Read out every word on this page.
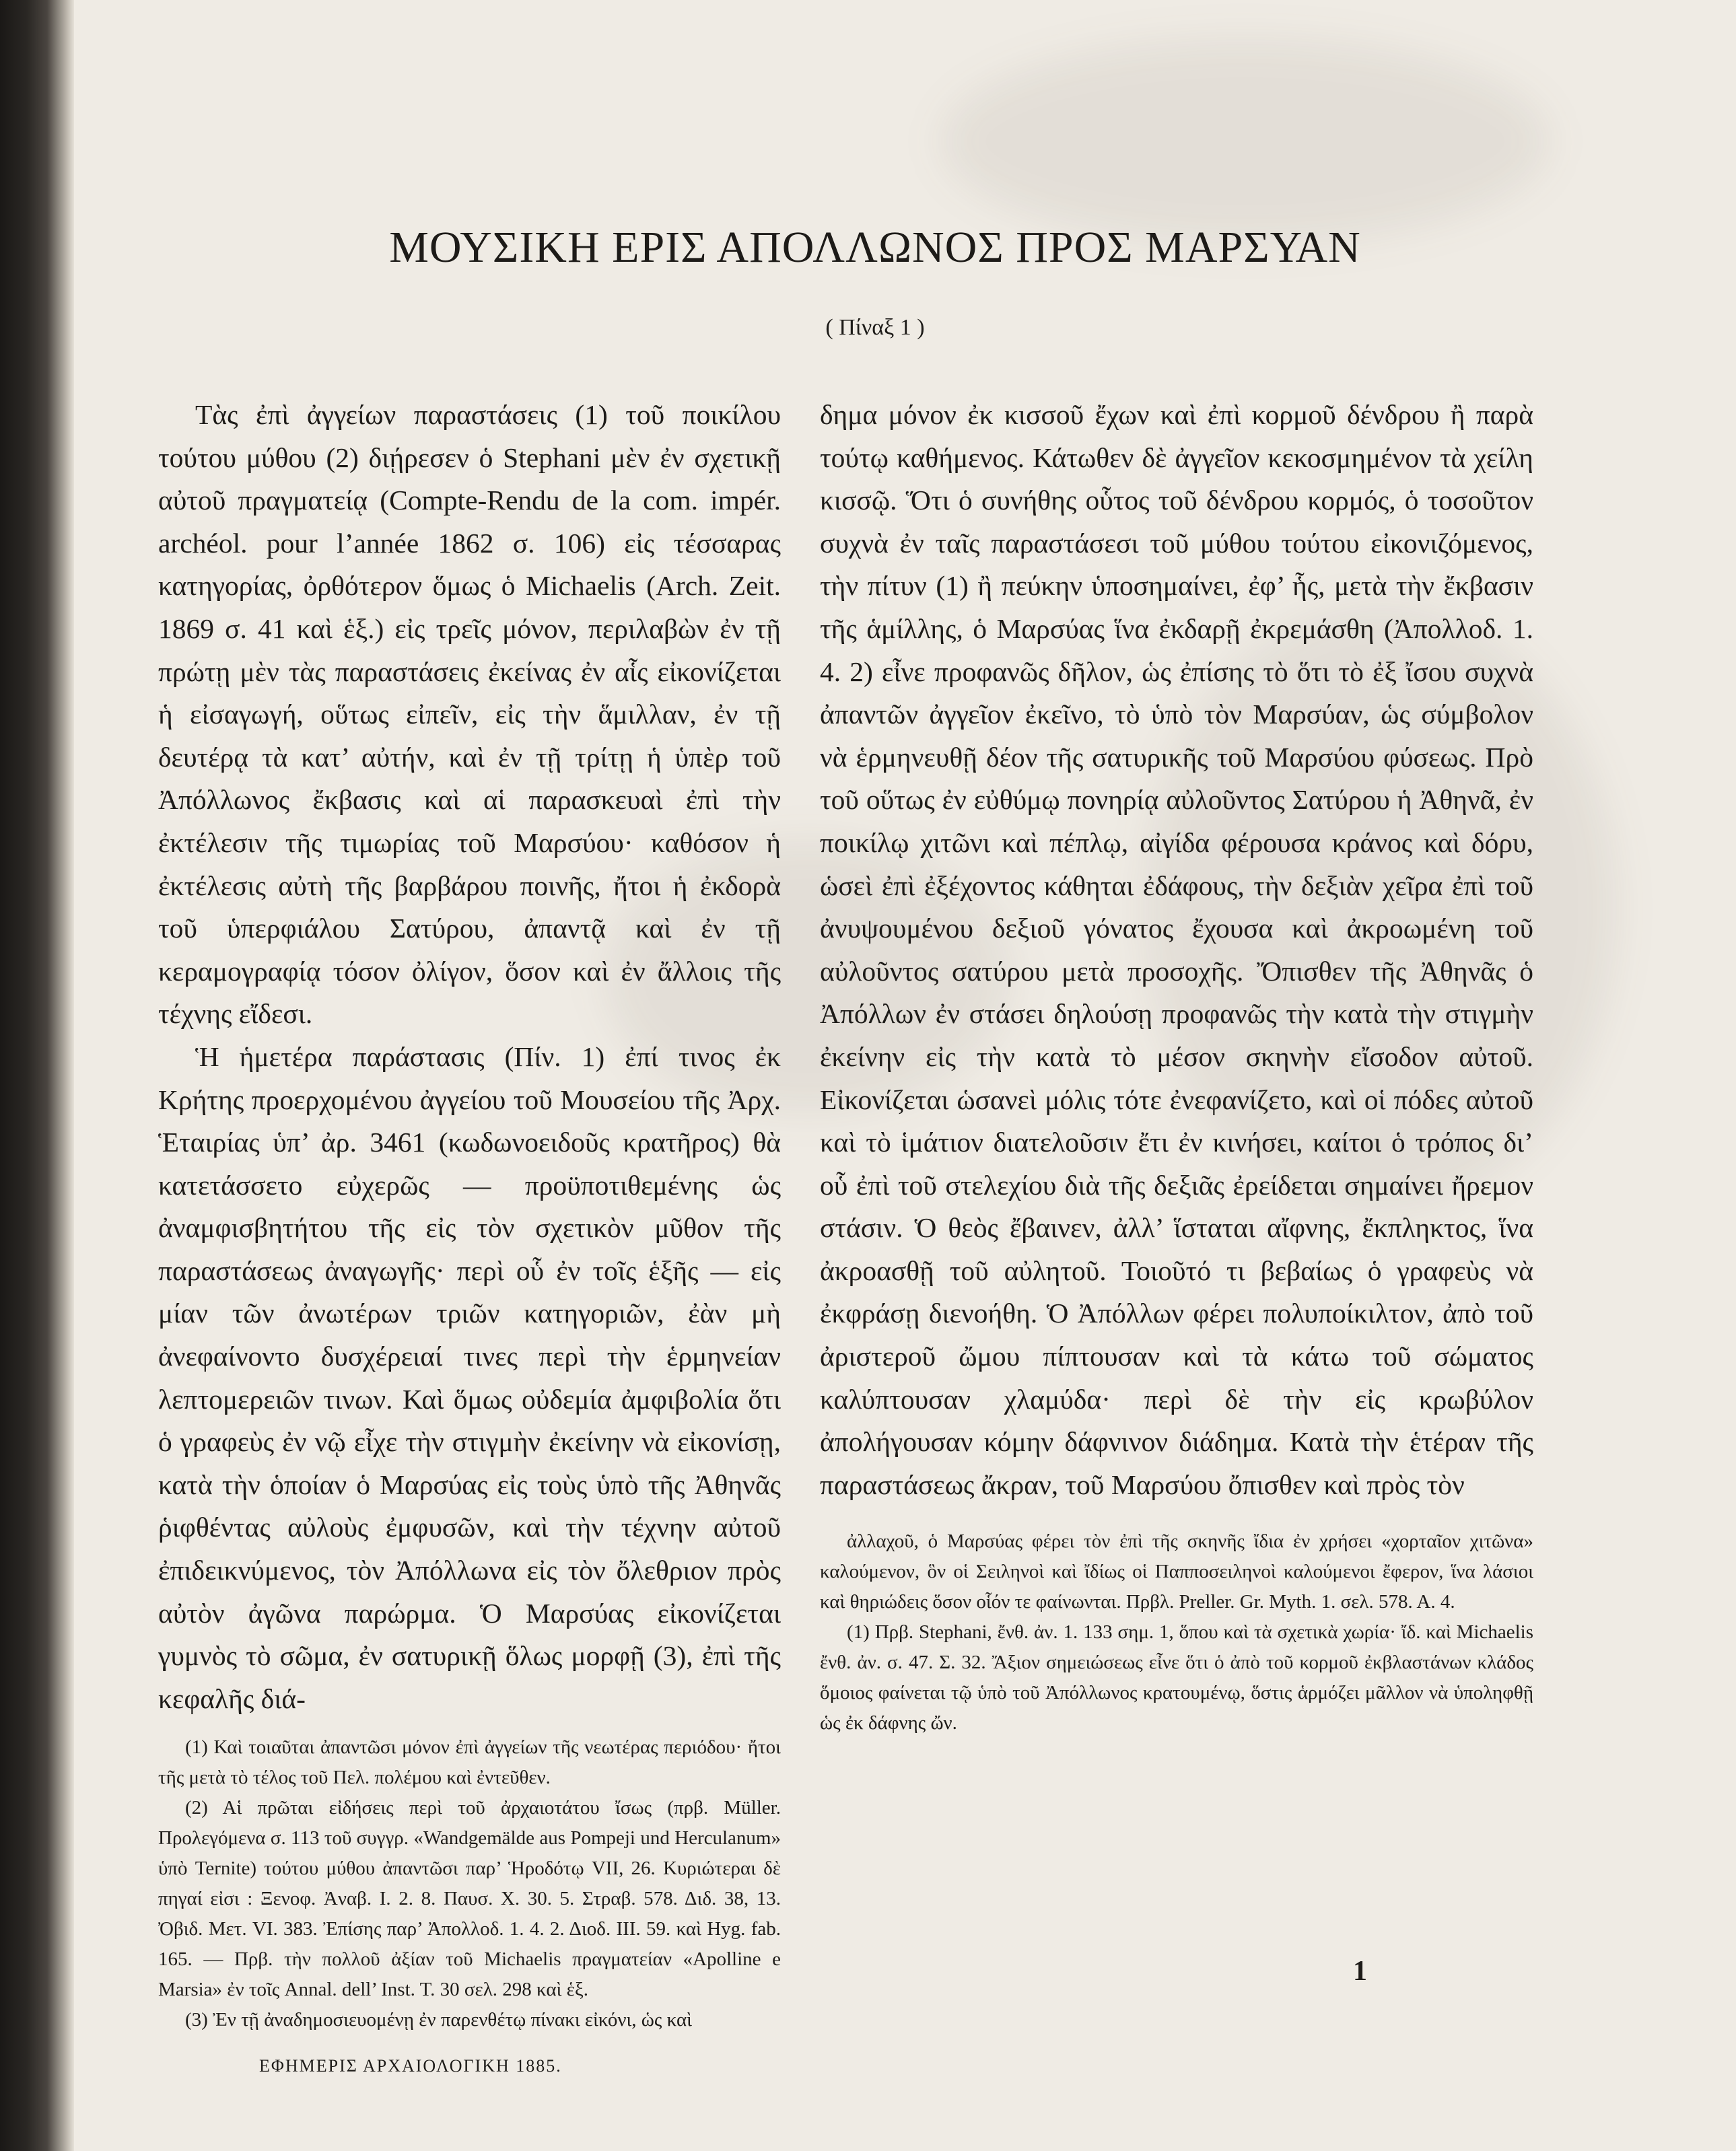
ΜΟΥΣΙΚΗ ΕΡΙΣ ΑΠΟΛΛΩΝΟΣ ΠΡΟΣ ΜΑΡΣΥΑΝ
( Πίναξ 1 )

Τὰς ἐπὶ ἀγγείων παραστάσεις (1) τοῦ ποικίλου τούτου μύθου (2) διῄρεσεν ὁ Stephani μὲν ἐν σχετικῇ αὐτοῦ πραγματείᾳ (Compte-Rendu de la com. impér. archéol. pour l’année 1862 σ. 106) εἰς τέσσαρας κατηγορίας, ὀρθότερον ὅμως ὁ Michaelis (Arch. Zeit. 1869 σ. 41 καὶ ἑξ.) εἰς τρεῖς μόνον, περιλαβὼν ἐν τῇ πρώτῃ μὲν τὰς παραστάσεις ἐκείνας ἐν αἷς εἰκονίζεται ἡ εἰσαγωγή, οὕτως εἰπεῖν, εἰς τὴν ἅμιλλαν, ἐν τῇ δευτέρᾳ τὰ κατ’ αὐτήν, καὶ ἐν τῇ τρίτῃ ἡ ὑπὲρ τοῦ Ἀπόλλωνος ἔκβασις καὶ αἱ παρασκευαὶ ἐπὶ τὴν ἐκτέλεσιν τῆς τιμωρίας τοῦ Μαρσύου· καθόσον ἡ ἐκτέλεσις αὐτὴ τῆς βαρβάρου ποινῆς, ἤτοι ἡ ἐκδορὰ τοῦ ὑπερφιάλου Σατύρου, ἀπαντᾷ καὶ ἐν τῇ κεραμογραφίᾳ τόσον ὀλίγον, ὅσον καὶ ἐν ἄλλοις τῆς τέχνης εἴδεσι.

Ἡ ἡμετέρα παράστασις (Πίν. 1) ἐπί τινος ἐκ Κρήτης προερχομένου ἀγγείου τοῦ Μουσείου τῆς Ἀρχ. Ἑταιρίας ὑπ’ ἀρ. 3461 (κωδωνοειδοῦς κρατῆρος) θὰ κατετάσσετο εὐχερῶς — προϋποτιθεμένης ὡς ἀναμφισβητήτου τῆς εἰς τὸν σχετικὸν μῦθον τῆς παραστάσεως ἀναγωγῆς· περὶ οὗ ἐν τοῖς ἑξῆς — εἰς μίαν τῶν ἀνωτέρων τριῶν κατηγοριῶν, ἐὰν μὴ ἀνεφαίνοντο δυσχέρειαί τινες περὶ τὴν ἑρμηνείαν λεπτομερειῶν τινων. Καὶ ὅμως οὐδεμία ἀμφιβολία ὅτι ὁ γραφεὺς ἐν νῷ εἶχε τὴν στιγμὴν ἐκείνην νὰ εἰκονίσῃ, κατὰ τὴν ὁποίαν ὁ Μαρσύας εἰς τοὺς ὑπὸ τῆς Ἀθηνᾶς ῥιφθέντας αὐλοὺς ἐμφυσῶν, καὶ τὴν τέχνην αὐτοῦ ἐπιδεικνύμενος, τὸν Ἀπόλλωνα εἰς τὸν ὄλεθριον πρὸς αὐτὸν ἀγῶνα παρώρμα. Ὁ Μαρσύας εἰκονίζεται γυμνὸς τὸ σῶμα, ἐν σατυρικῇ ὅλως μορφῇ (3), ἐπὶ τῆς κεφαλῆς διά-

(1) Καὶ τοιαῦται ἀπαντῶσι μόνον ἐπὶ ἀγγείων τῆς νεωτέρας περιόδου· ἤτοι τῆς μετὰ τὸ τέλος τοῦ Πελ. πολέμου καὶ ἐντεῦθεν.

(2) Αἱ πρῶται εἰδήσεις περὶ τοῦ ἀρχαιοτάτου ἴσως (πρβ. Müller. Προλεγόμενα σ. 113 τοῦ συγγρ. «Wandgemälde aus Pompeji und Herculanum» ὑπὸ Ternite) τούτου μύθου ἀπαντῶσι παρ’ Ἡροδότῳ VII, 26. Κυριώτεραι δὲ πηγαί εἰσι : Ξενοφ. Ἀναβ. I. 2. 8. Παυσ. X. 30. 5. Στραβ. 578. Διδ. 38, 13. Ὀβιδ. Μετ. VI. 383. Ἐπίσης παρ’ Ἀπολλοδ. 1. 4. 2. Διοδ. III. 59. καὶ Hyg. fab. 165. — Πρβ. τὴν πολλοῦ ἀξίαν τοῦ Michaelis πραγματείαν «Apolline e Marsia» ἐν τοῖς Annal. dell’ Inst. T. 30 σελ. 298 καὶ ἑξ.

(3) Ἐν τῇ ἀναδημοσιευομένῃ ἐν παρενθέτῳ πίνακι εἰκόνι, ὡς καὶ

δημα μόνον ἐκ κισσοῦ ἔχων καὶ ἐπὶ κορμοῦ δένδρου ἢ παρὰ τούτῳ καθήμενος. Κάτωθεν δὲ ἀγγεῖον κεκοσμημένον τὰ χείλη κισσῷ. Ὅτι ὁ συνήθης οὗτος τοῦ δένδρου κορμός, ὁ τοσοῦτον συχνὰ ἐν ταῖς παραστάσεσι τοῦ μύθου τούτου εἰκονιζόμενος, τὴν πίτυν (1) ἢ πεύκην ὑποσημαίνει, ἐφ’ ἧς, μετὰ τὴν ἔκβασιν τῆς ἁμίλλης, ὁ Μαρσύας ἵνα ἐκδαρῇ ἐκρεμάσθη (Ἀπολλοδ. 1. 4. 2) εἶνε προφανῶς δῆλον, ὡς ἐπίσης τὸ ὅτι τὸ ἐξ ἴσου συχνὰ ἀπαντῶν ἀγγεῖον ἐκεῖνο, τὸ ὑπὸ τὸν Μαρσύαν, ὡς σύμβολον νὰ ἑρμηνευθῇ δέον τῆς σατυρικῆς τοῦ Μαρσύου φύσεως. Πρὸ τοῦ οὕτως ἐν εὐθύμῳ πονηρίᾳ αὐλοῦντος Σατύρου ἡ Ἀθηνᾶ, ἐν ποικίλῳ χιτῶνι καὶ πέπλῳ, αἰγίδα φέρουσα κράνος καὶ δόρυ, ὡσεὶ ἐπὶ ἐξέχοντος κάθηται ἐδάφους, τὴν δεξιὰν χεῖρα ἐπὶ τοῦ ἀνυψουμένου δεξιοῦ γόνατος ἔχουσα καὶ ἀκροωμένη τοῦ αὐλοῦντος σατύρου μετὰ προσοχῆς. Ὄπισθεν τῆς Ἀθηνᾶς ὁ Ἀπόλλων ἐν στάσει δηλούσῃ προφανῶς τὴν κατὰ τὴν στιγμὴν ἐκείνην εἰς τὴν κατὰ τὸ μέσον σκηνὴν εἴσοδον αὐτοῦ. Εἰκονίζεται ὡσανεὶ μόλις τότε ἐνεφανίζετο, καὶ οἱ πόδες αὐτοῦ καὶ τὸ ἱμάτιον διατελοῦσιν ἔτι ἐν κινήσει, καίτοι ὁ τρόπος δι’ οὗ ἐπὶ τοῦ στελεχίου διὰ τῆς δεξιᾶς ἐρείδεται σημαίνει ἤρεμον στάσιν. Ὁ θεὸς ἔβαινεν, ἀλλ’ ἵσταται αἴφνης, ἔκπληκτος, ἵνα ἀκροασθῇ τοῦ αὐλητοῦ. Τοιοῦτό τι βεβαίως ὁ γραφεὺς νὰ ἐκφράσῃ διενοήθη. Ὁ Ἀπόλλων φέρει πολυποίκιλτον, ἀπὸ τοῦ ἀριστεροῦ ὤμου πίπτουσαν καὶ τὰ κάτω τοῦ σώματος καλύπτουσαν χλαμύδα· περὶ δὲ τὴν εἰς κρωβύλον ἀπολήγουσαν κόμην δάφνινον διάδημα. Κατὰ τὴν ἑτέραν τῆς παραστάσεως ἄκραν, τοῦ Μαρσύου ὄπισθεν καὶ πρὸς τὸν

ἀλλαχοῦ, ὁ Μαρσύας φέρει τὸν ἐπὶ τῆς σκηνῆς ἴδια ἐν χρήσει «χορταῖον χιτῶνα» καλούμενον, ὃν οἱ Σειληνοὶ καὶ ἴδίως οἱ Παπποσειληνοὶ καλούμενοι ἔφερον, ἵνα λάσιοι καὶ θηριώδεις ὅσον οἷόν τε φαίνωνται. Πρβλ. Preller. Gr. Myth. 1. σελ. 578. Α. 4.

(1) Πρβ. Stephani, ἔνθ. ἀν. 1. 133 σημ. 1, ὅπου καὶ τὰ σχετικὰ χωρία· ἴδ. καὶ Michaelis ἔνθ. ἀν. σ. 47. Σ. 32. Ἄξιον σημειώσεως εἶνε ὅτι ὁ ἀπὸ τοῦ κορμοῦ ἐκβλαστάνων κλάδος ὅμοιος φαίνεται τῷ ὑπὸ τοῦ Ἀπόλλωνος κρατουμένῳ, ὅστις ἁρμόζει μᾶλλον νὰ ὑποληφθῇ ὡς ἐκ δάφνης ὤν.

1
ΕΦΗΜΕΡΙΣ ΑΡΧΑΙΟΛΟΓΙΚΗ 1885.
